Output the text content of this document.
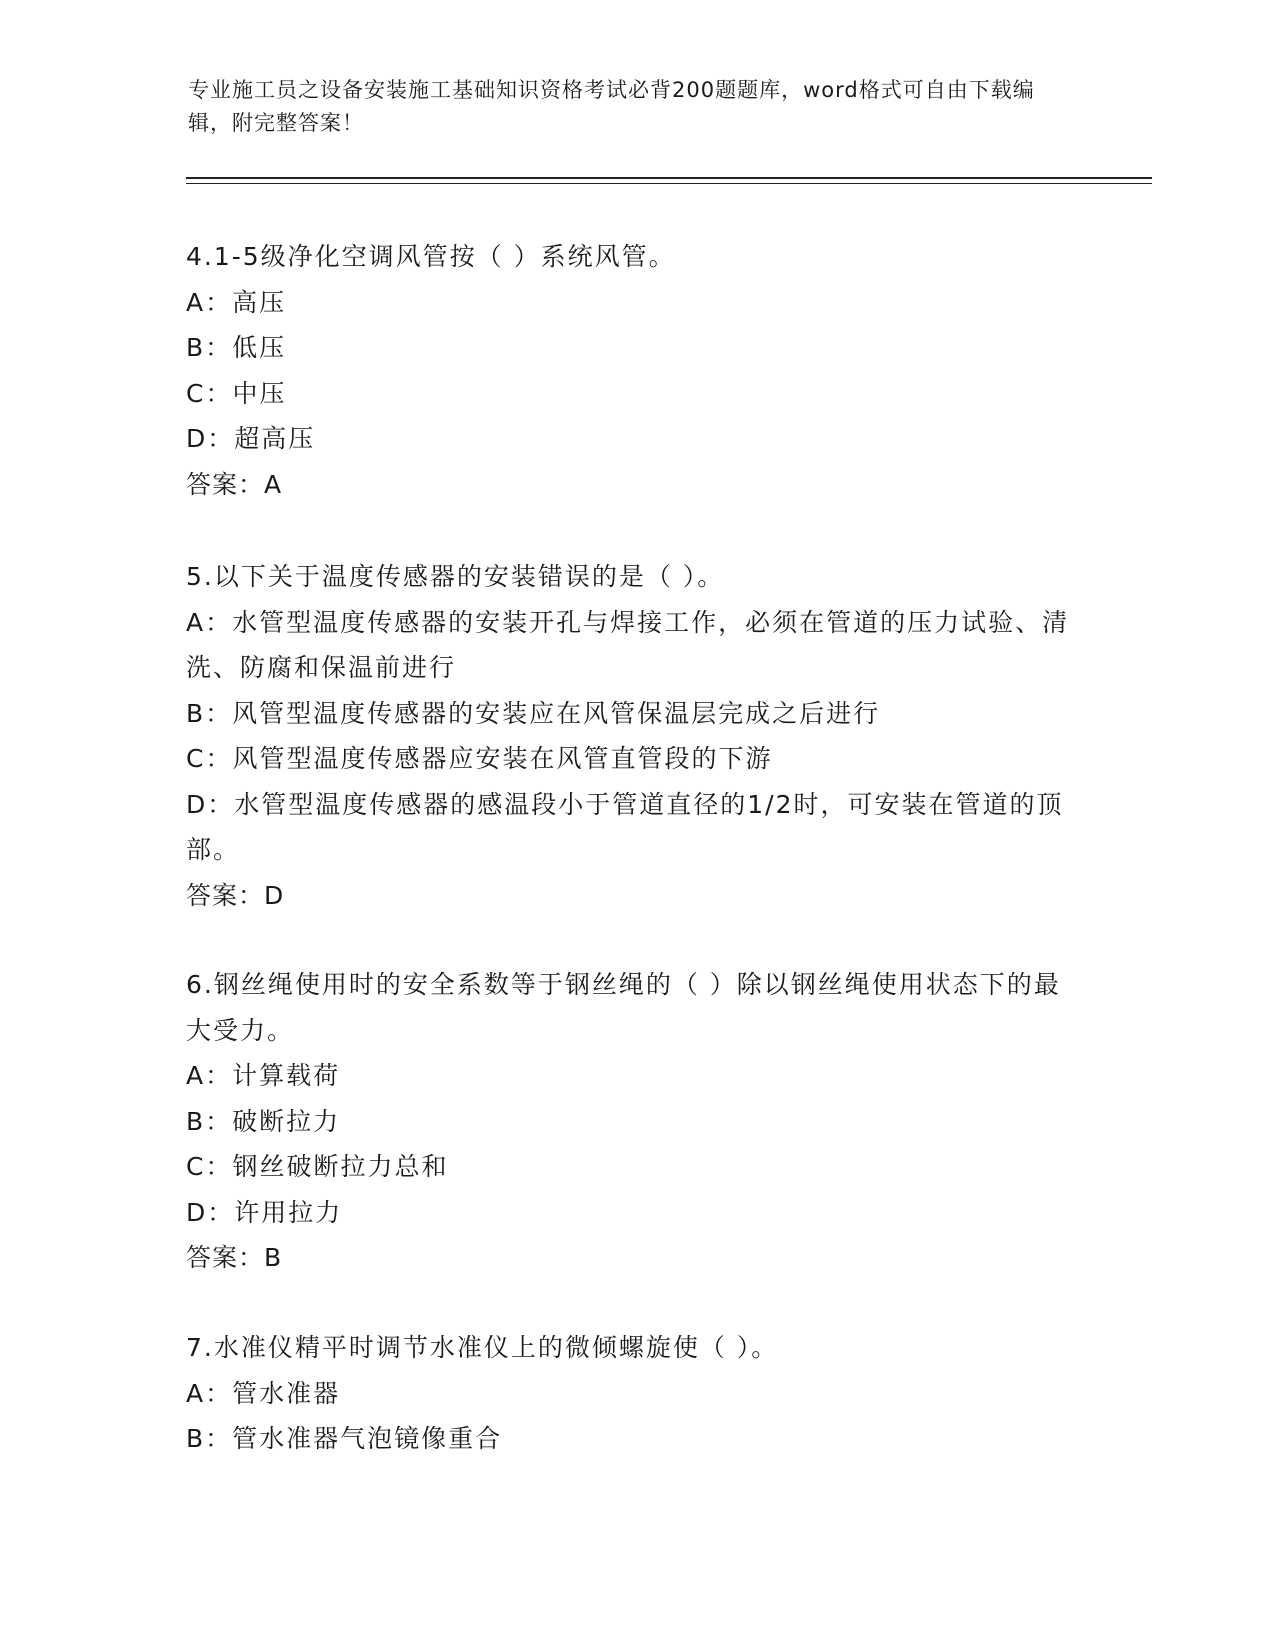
专业施工员之设备安装施工基础知识资格考试必背200题题库，word格式可自由下载编辑，附完整答案！
4.1-5级净化空调风管按（ ）系统风管。
A：高压
B：低压
C：中压
D：超高压
答案：A
5.以下关于温度传感器的安装错误的是（ ）。
A：水管型温度传感器的安装开孔与焊接工作，必须在管道的压力试验、清洗、防腐和保温前进行
B：风管型温度传感器的安装应在风管保温层完成之后进行
C：风管型温度传感器应安装在风管直管段的下游
D：水管型温度传感器的感温段小于管道直径的1/2时，可安装在管道的顶部。
答案：D
6.钢丝绳使用时的安全系数等于钢丝绳的（ ）除以钢丝绳使用状态下的最大受力。
A：计算载荷
B：破断拉力
C：钢丝破断拉力总和
D：许用拉力
答案：B
7.水准仪精平时调节水准仪上的微倾螺旋使（ ）。
A：管水准器
B：管水准器气泡镜像重合
